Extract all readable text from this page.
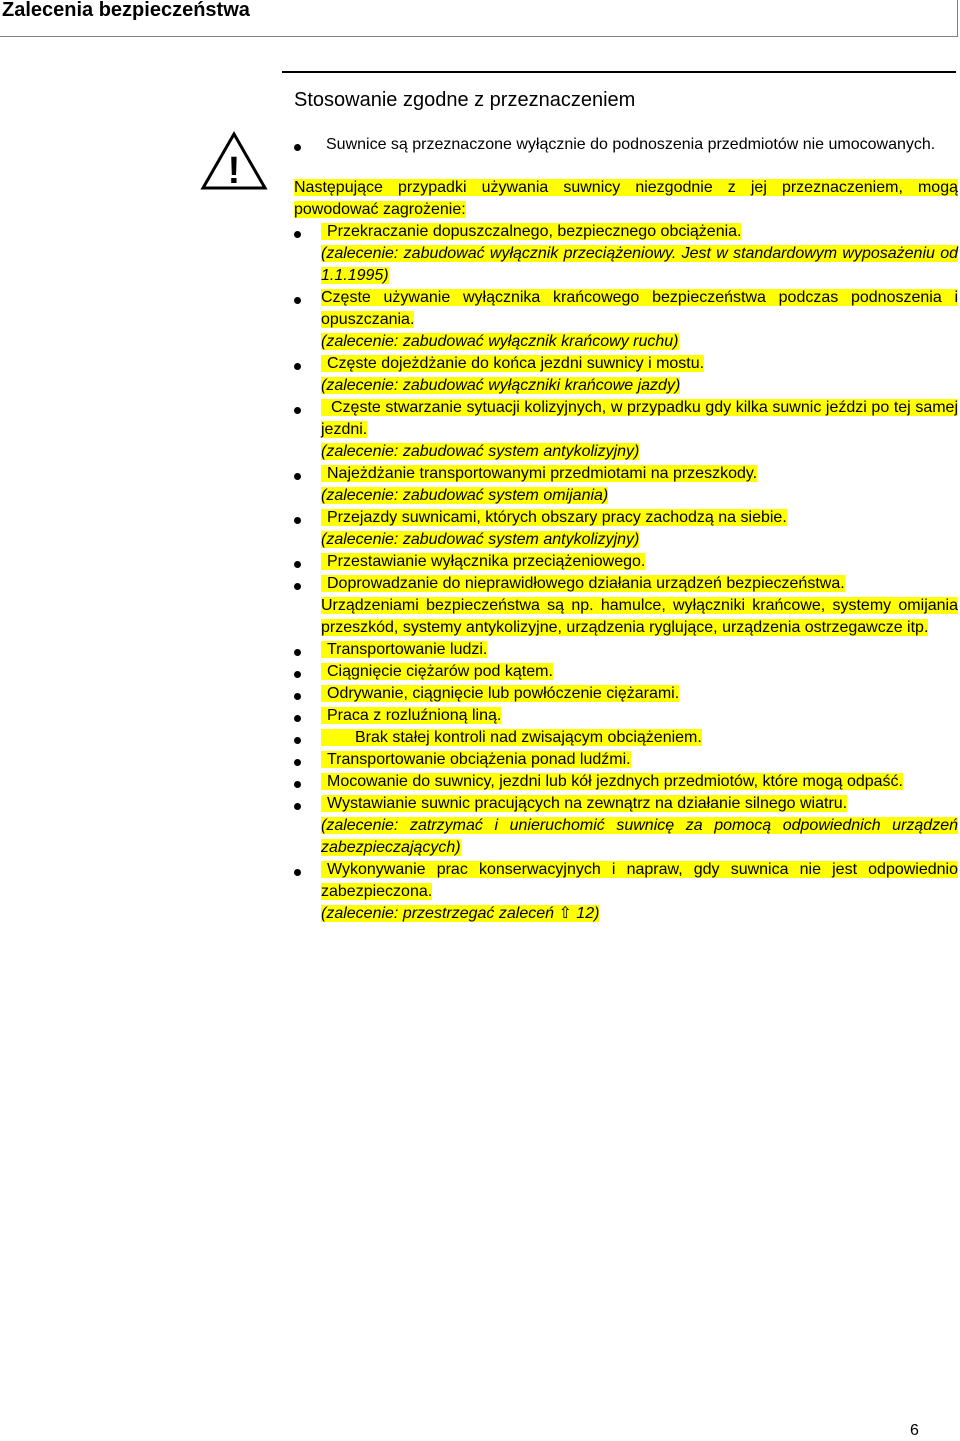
Zalecenia bezpieczeństwa
Stosowanie zgodne z przeznaczeniem
!
Suwnice są przeznaczone wyłącznie do podnoszenia przedmiotów nie umocowanych.

Następujące przypadki używania suwnicy niezgodnie z jej przeznaczeniem, mogą powodować zagrożenie:

Przekraczanie dopuszczalnego, bezpiecznego obciążenia.
(zalecenie: zabudować wyłącznik przeciążeniowy. Jest w standardowym wyposażeniu od 1.1.1995)
Częste używanie wyłącznika krańcowego bezpieczeństwa podczas podnoszenia i opuszczania.
(zalecenie: zabudować wyłącznik krańcowy ruchu)
Częste dojeżdżanie do końca jezdni suwnicy i mostu.
(zalecenie: zabudować wyłączniki krańcowe jazdy)
Częste stwarzanie sytuacji kolizyjnych, w przypadku gdy kilka suwnic jeździ po tej samej jezdni.
(zalecenie: zabudować system antykolizyjny)
Najeżdżanie transportowanymi przedmiotami na przeszkody.
(zalecenie: zabudować system omijania)
Przejazdy suwnicami, których obszary pracy zachodzą na siebie.
(zalecenie: zabudować system antykolizyjny)
Przestawianie wyłącznika przeciążeniowego.
Doprowadzanie do nieprawidłowego działania urządzeń bezpieczeństwa.
Urządzeniami bezpieczeństwa są np. hamulce, wyłączniki krańcowe, systemy omijania przeszkód, systemy antykolizyjne, urządzenia ryglujące, urządzenia ostrzegawcze itp.
Transportowanie ludzi.
Ciągnięcie ciężarów pod kątem.
Odrywanie, ciągnięcie lub powłóczenie ciężarami.
Praca z rozluźnioną liną.
Brak stałej kontroli nad zwisającym obciążeniem.
Transportowanie obciążenia ponad ludźmi.
Mocowanie do suwnicy, jezdni lub kół jezdnych przedmiotów, które mogą odpaść.
Wystawianie suwnic pracujących na zewnątrz na działanie silnego wiatru.
(zalecenie: zatrzymać i unieruchomić suwnicę za pomocą odpowiednich urządzeń zabezpieczających)
Wykonywanie prac konserwacyjnych i napraw, gdy suwnica nie jest odpowiednio zabezpieczona.
(zalecenie: przestrzegać zaleceń ⇧ 12)
6
